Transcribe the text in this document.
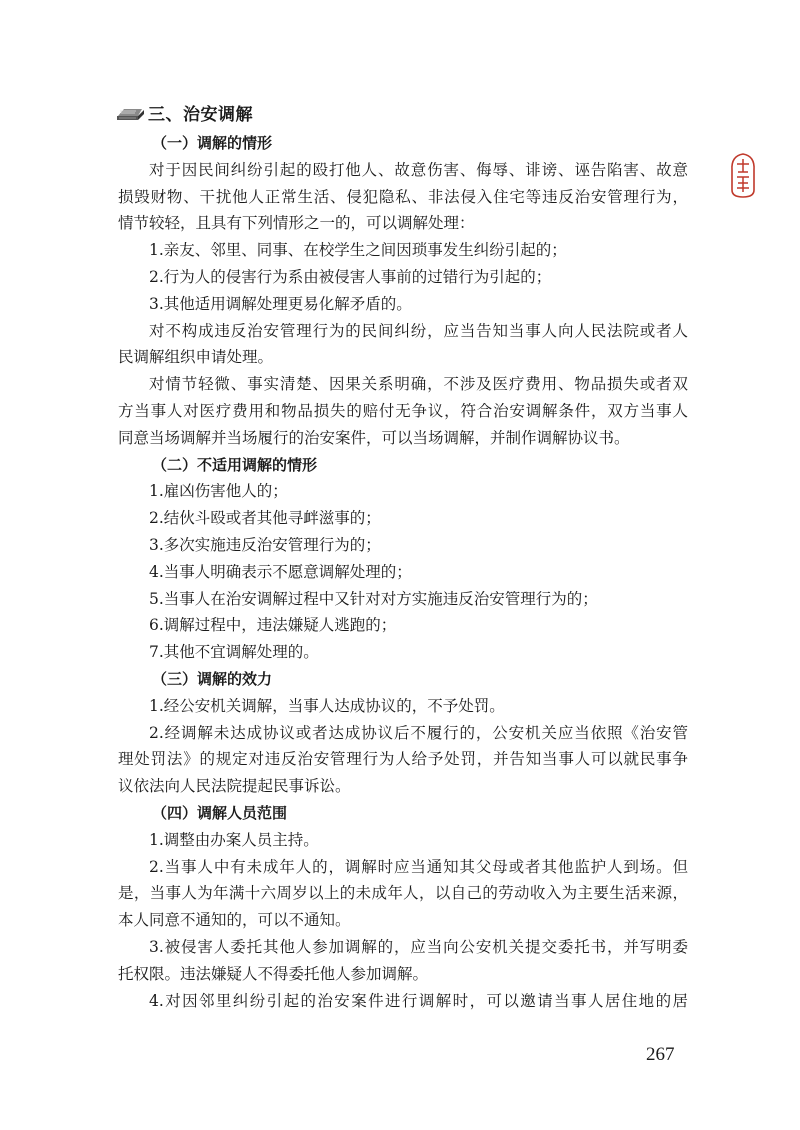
三、治安调解
（一）调解的情形
对于因民间纠纷引起的殴打他人、故意伤害、侮辱、诽谤、诬告陷害、故意
损毁财物、干扰他人正常生活、侵犯隐私、非法侵入住宅等违反治安管理行为，
情节较轻，且具有下列情形之一的，可以调解处理：
1.亲友、邻里、同事、在校学生之间因琐事发生纠纷引起的；
2.行为人的侵害行为系由被侵害人事前的过错行为引起的；
3.其他适用调解处理更易化解矛盾的。
对不构成违反治安管理行为的民间纠纷，应当告知当事人向人民法院或者人
民调解组织申请处理。
对情节轻微、事实清楚、因果关系明确，不涉及医疗费用、物品损失或者双
方当事人对医疗费用和物品损失的赔付无争议，符合治安调解条件，双方当事人
同意当场调解并当场履行的治安案件，可以当场调解，并制作调解协议书。
（二）不适用调解的情形
1.雇凶伤害他人的；
2.结伙斗殴或者其他寻衅滋事的；
3.多次实施违反治安管理行为的；
4.当事人明确表示不愿意调解处理的；
5.当事人在治安调解过程中又针对对方实施违反治安管理行为的；
6.调解过程中，违法嫌疑人逃跑的；
7.其他不宜调解处理的。
（三）调解的效力
1.经公安机关调解，当事人达成协议的，不予处罚。
2.经调解未达成协议或者达成协议后不履行的，公安机关应当依照《治安管
理处罚法》的规定对违反治安管理行为人给予处罚，并告知当事人可以就民事争
议依法向人民法院提起民事诉讼。
（四）调解人员范围
1.调整由办案人员主持。
2.当事人中有未成年人的，调解时应当通知其父母或者其他监护人到场。但
是，当事人为年满十六周岁以上的未成年人，以自己的劳动收入为主要生活来源，
本人同意不通知的，可以不通知。
3.被侵害人委托其他人参加调解的，应当向公安机关提交委托书，并写明委
托权限。违法嫌疑人不得委托他人参加调解。
4.对因邻里纠纷引起的治安案件进行调解时，可以邀请当事人居住地的居
267
